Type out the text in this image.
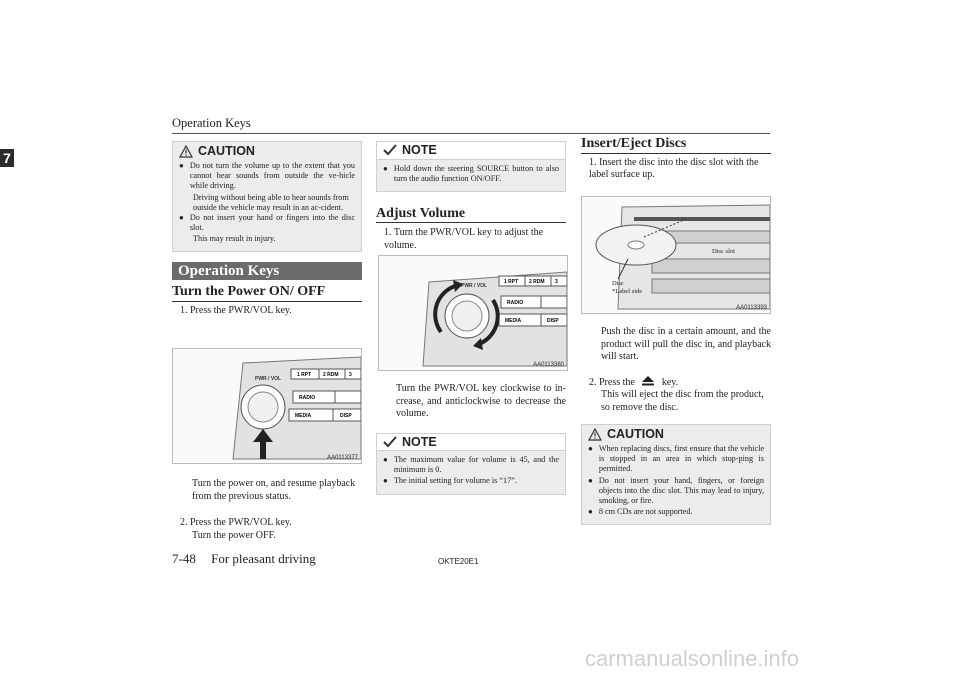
Operation Keys
7	CAUTION
● Do not turn the volume up to the extent that you cannot hear sounds from outside the ve-hicle while driving.
Driving without being able to hear sounds from outside the vehicle may result in an ac-cident.
● Do not insert your hand or fingers into the disc slot.
This may result in injury.
Operation Keys
Turn the Power ON/ OFF
1. Press the PWR/VOL key.
PWR / VOL
1 RPT 2 RDM 3
RADIO
MEDIA	DISP
AA0113377
Turn the power on, and resume playback from the previous status.
2. Press the PWR/VOL key.
Turn the power OFF.
NOTE
● Hold down the steering SOURCE button to also turn the audio function ON/OFF.
Adjust Volume
1. Turn the PWR/VOL key to adjust the volume.
PWR / VOL
1 RPT 2 RDM 3
RADIO
MEDIA	DISP
AA0113380
Turn the PWR/VOL key clockwise to in-crease, and anticlockwise to decrease the volume.
NOTE
● The maximum value for volume is 45, and the minimum is 0.
● The initial setting for volume is “17”.
Insert/Eject Discs
1. Insert the disc into the disc slot with the label surface up.
Disc slot
Disc
*Label side
AA0113393
Push the disc in a certain amount, and the product will pull the disc in, and playback will start.
2. Press the	key.
This will eject the disc from the product, so remove the disc.
CAUTION
● When replacing discs, first ensure that the vehicle is stopped in an area in which stop-ping is permitted.
● Do not insert your hand, fingers, or foreign objects into the disc slot. This may lead to injury, smoking, or fire.
● 8 cm CDs are not supported.
7-48 For pleasant driving	OKTE20E1
carmanualsonline.info
